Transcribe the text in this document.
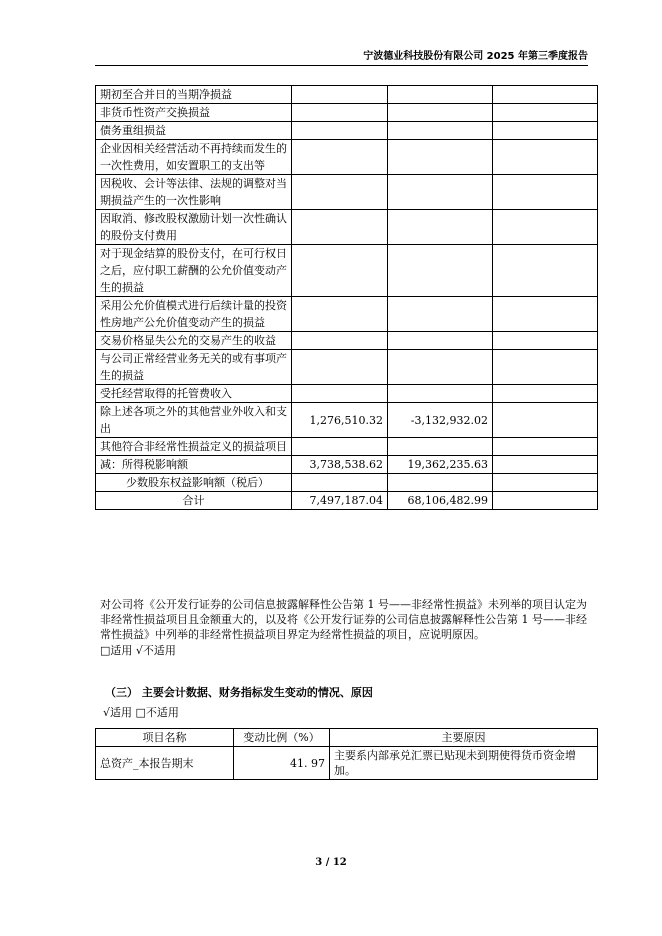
宁波德业科技股份有限公司 2025 年第三季度报告
期初至合并日的当期净损益			
非货币性资产交换损益			
债务重组损益			
企业因相关经营活动不再持续而发生的一次性费用，如安置职工的支出等			
因税收、会计等法律、法规的调整对当期损益产生的一次性影响			
因取消、修改股权激励计划一次性确认的股份支付费用			
对于现金结算的股份支付，在可行权日之后，应付职工薪酬的公允价值变动产生的损益			
采用公允价值模式进行后续计量的投资性房地产公允价值变动产生的损益			
交易价格显失公允的交易产生的收益			
与公司正常经营业务无关的或有事项产生的损益			
受托经营取得的托管费收入			
除上述各项之外的其他营业外收入和支出	1,276,510.32	-3,132,932.02	
其他符合非经常性损益定义的损益项目			
减：所得税影响额	3,738,538.62	19,362,235.63	
少数股东权益影响额（税后）			
合计	7,497,187.04	68,106,482.99	
对公司将《公开发行证券的公司信息披露解释性公告第 1 号——非经常性损益》未列举的项目认定为非经常性损益项目且金额重大的，以及将《公开发行证券的公司信息披露解释性公告第 1 号——非经常性损益》中列举的非经常性损益项目界定为经常性损益的项目，应说明原因。
□适用 √不适用
（三） 主要会计数据、财务指标发生变动的情况、原因
√适用 □不适用
项目名称	变动比例（%）	主要原因
总资产_本报告期末	41. 97	主要系内部承兑汇票已贴现未到期使得货币资金增加。
3 / 12
